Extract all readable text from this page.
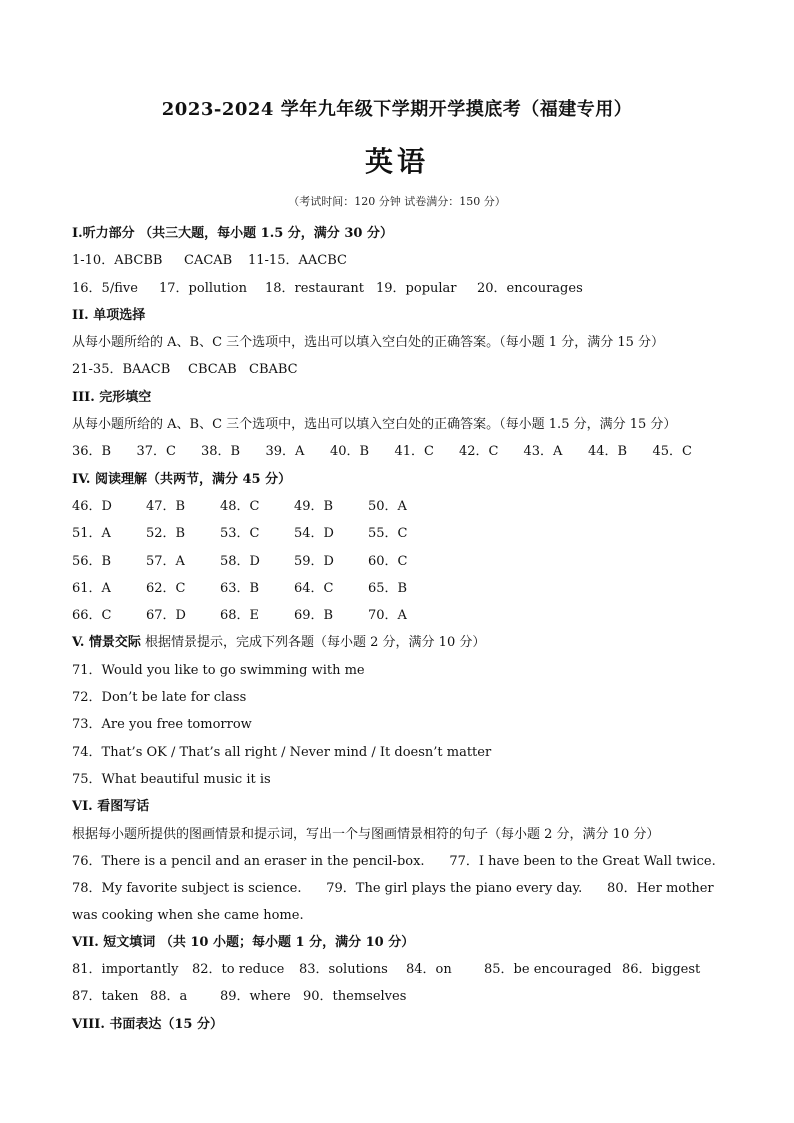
2023-2024 学年九年级下学期开学摸底考（福建专用）
英语
（考试时间：120 分钟 试卷满分：150 分）
I.听力部分 （共三大题，每小题 1.5 分，满分 30 分）
1-10．ABCBB	CACAB	11-15．AACBC
16．5/five	17．pollution	18．restaurant 19．popular	20．encourages
II. 单项选择
从每小题所给的 A、B、C 三个选项中，选出可以填入空白处的正确答案。（每小题 1 分，满分 15 分）
21-35．BAACB	CBCAB CBABC
III. 完形填空
从每小题所给的 A、B、C 三个选项中，选出可以填入空白处的正确答案。（每小题 1.5 分，满分 15 分）
36．B	37．C	38．B	39．A	40．B	41．C	42．C	43．A	44．B	45．C
IV. 阅读理解（共两节，满分 45 分）
46．D	47．B	48．C	49．B	50．A
51．A	52．B	53．C	54．D	55．C
56．B	57．A	58．D	59．D	60．C
61．A	62．C	63．B	64．C	65．B
66．C	67．D	68．E	69．B	70．A
V. 情景交际 根据情景提示，完成下列各题（每小题 2 分，满分 10 分）
71．Would you like to go swimming with me
72．Don’t be late for class
73．Are you free tomorrow
74．That’s OK / That’s all right / Never mind / It doesn’t matter
75．What beautiful music it is
VI. 看图写话
根据每小题所提供的图画情景和提示词，写出一个与图画情景相符的句子（每小题 2 分，满分 10 分）
76．There is a pencil and an eraser in the pencil-box.      77．I have been to the Great Wall twice.      78．My favorite subject is science.      79．The girl plays the piano every day.      80．Her mother was cooking when she came home.
VII. 短文填词 （共 10 小题；每小题 1 分，满分 10 分）
81．importantly	82．to reduce	83．solutions	84．on	85．be encouraged 86．biggest
87．taken 88．a	89．where 90．themselves
VIII. 书面表达（15 分）
